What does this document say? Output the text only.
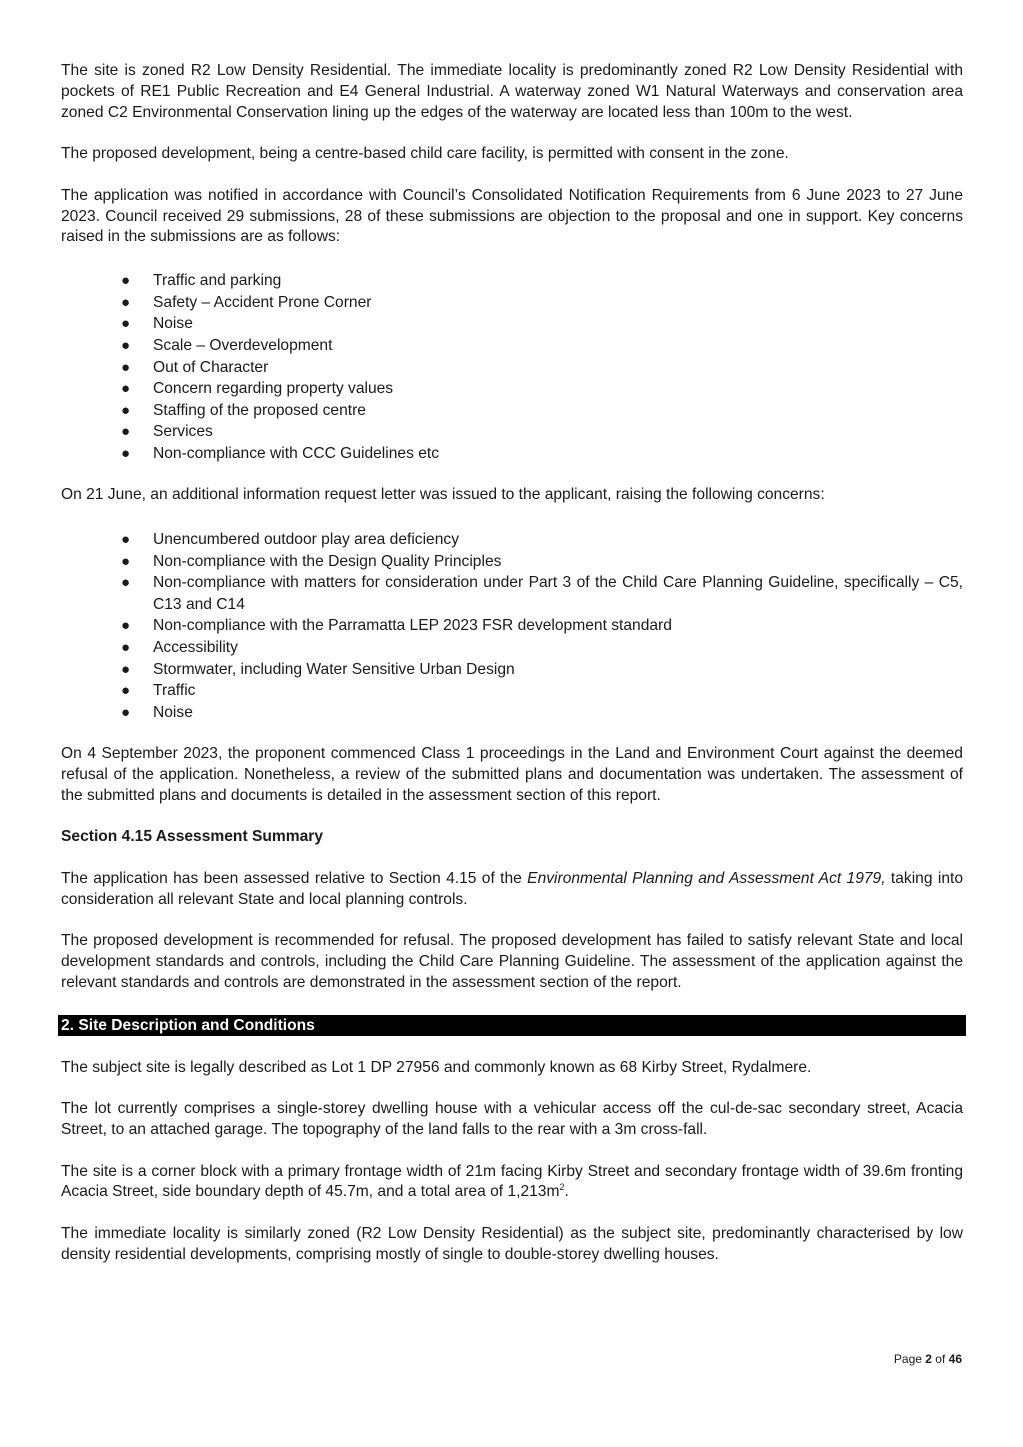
The site is zoned R2 Low Density Residential. The immediate locality is predominantly zoned R2 Low Density Residential with pockets of RE1 Public Recreation and E4 General Industrial. A waterway zoned W1 Natural Waterways and conservation area zoned C2 Environmental Conservation lining up the edges of the waterway are located less than 100m to the west.

The proposed development, being a centre-based child care facility, is permitted with consent in the zone.

The application was notified in accordance with Council’s Consolidated Notification Requirements from 6 June 2023 to 27 June 2023. Council received 29 submissions, 28 of these submissions are objection to the proposal and one in support. Key concerns raised in the submissions are as follows:

● Traffic and parking
● Safety – Accident Prone Corner
● Noise
● Scale – Overdevelopment
● Out of Character
● Concern regarding property values
● Staffing of the proposed centre
● Services
● Non-compliance with CCC Guidelines etc

On 21 June, an additional information request letter was issued to the applicant, raising the following concerns:

● Unencumbered outdoor play area deficiency
● Non-compliance with the Design Quality Principles
● Non-compliance with matters for consideration under Part 3 of the Child Care Planning Guideline, specifically – C5, C13 and C14
● Non-compliance with the Parramatta LEP 2023 FSR development standard
● Accessibility
● Stormwater, including Water Sensitive Urban Design
● Traffic
● Noise

On 4 September 2023, the proponent commenced Class 1 proceedings in the Land and Environment Court against the deemed refusal of the application. Nonetheless, a review of the submitted plans and documentation was undertaken. The assessment of the submitted plans and documents is detailed in the assessment section of this report.

Section 4.15 Assessment Summary

The application has been assessed relative to Section 4.15 of the Environmental Planning and Assessment Act 1979, taking into consideration all relevant State and local planning controls.

The proposed development is recommended for refusal. The proposed development has failed to satisfy relevant State and local development standards and controls, including the Child Care Planning Guideline. The assessment of the application against the relevant standards and controls are demonstrated in the assessment section of the report.

2. Site Description and Conditions

The subject site is legally described as Lot 1 DP 27956 and commonly known as 68 Kirby Street, Rydalmere.

The lot currently comprises a single-storey dwelling house with a vehicular access off the cul-de-sac secondary street, Acacia Street, to an attached garage. The topography of the land falls to the rear with a 3m cross-fall.

The site is a corner block with a primary frontage width of 21m facing Kirby Street and secondary frontage width of 39.6m fronting Acacia Street, side boundary depth of 45.7m, and a total area of $1,213m^2$.

The immediate locality is similarly zoned (R2 Low Density Residential) as the subject site, predominantly characterised by low density residential developments, comprising mostly of single to double-storey dwelling houses.

Page 2 of 46
